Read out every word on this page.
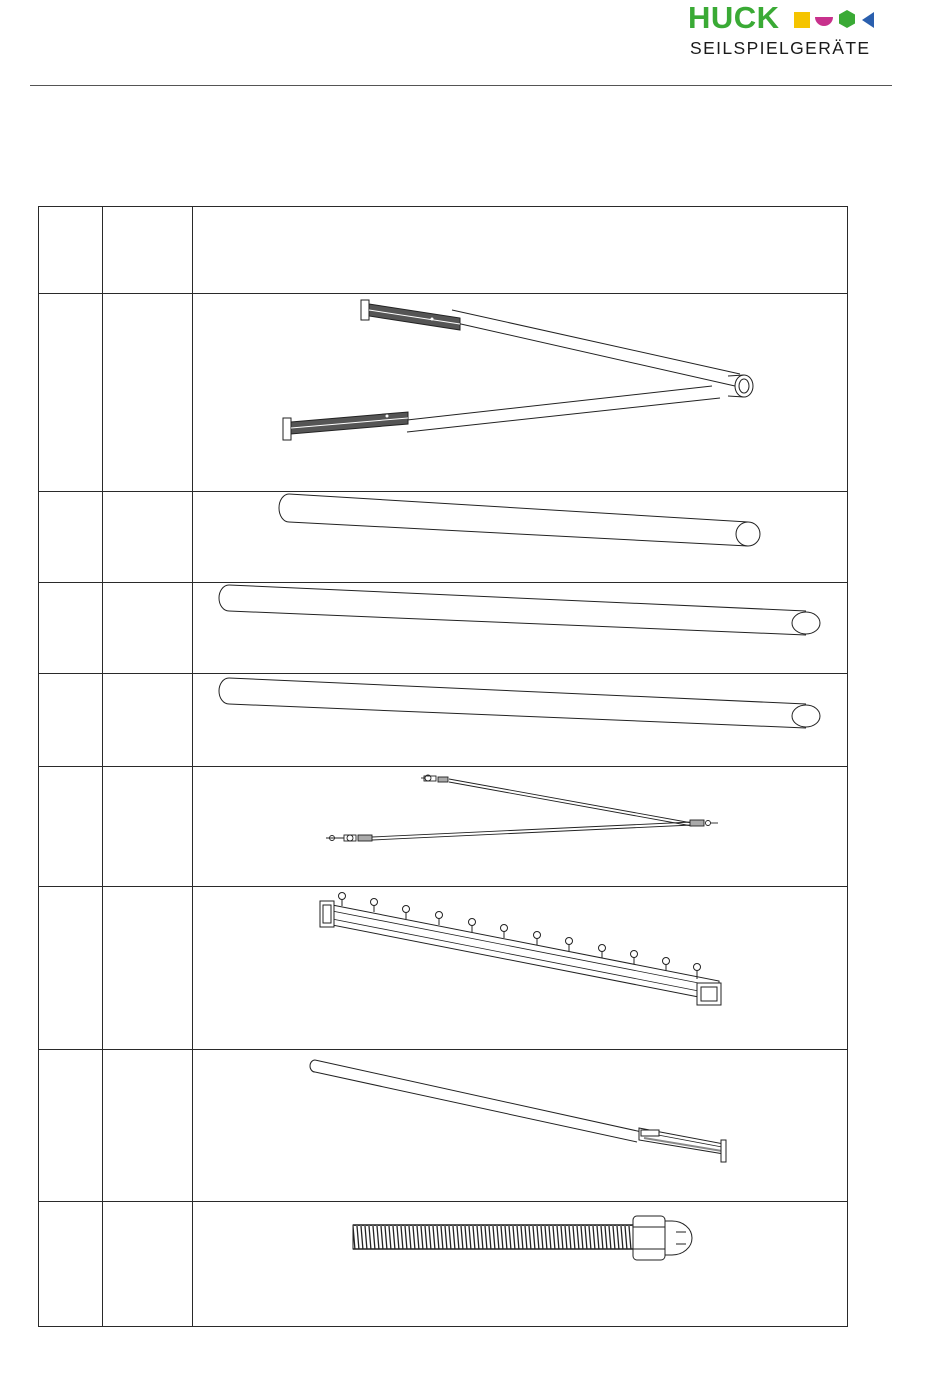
HUCK
SEILSPIELGERÄTE
